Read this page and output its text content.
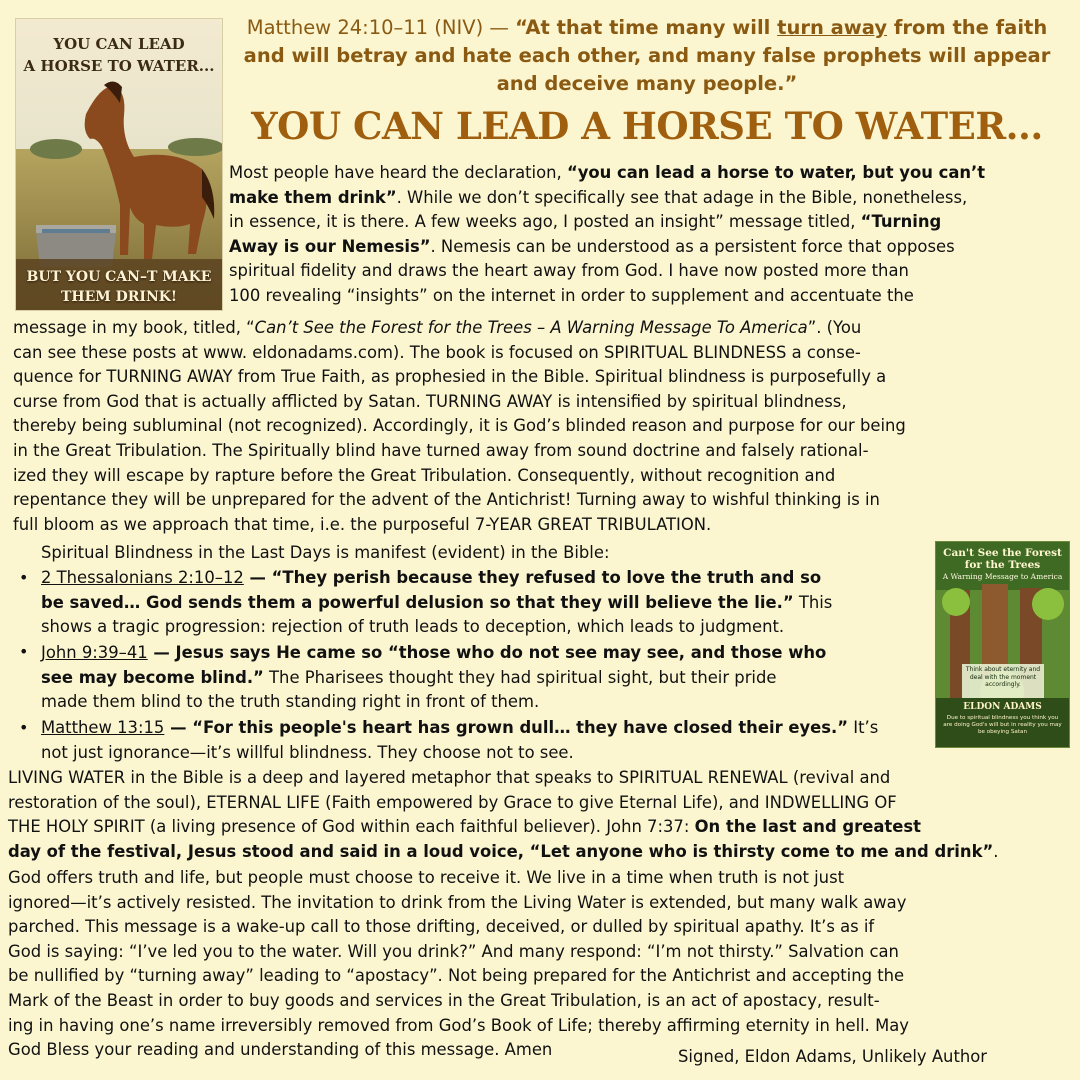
YOU CAN LEAD
A HORSE TO WATER...
BUT YOU CAN–T MAKE
THEM DRINK!
Matthew 24:10–11 (NIV) — “At that time many will turn away from the faith and will betray and hate each other, and many false prophets will appear and deceive many people.”
YOU CAN LEAD A HORSE TO WATER...
Most people have heard the declaration, “you can lead a horse to water, but you can’t
make them drink”. While we don’t specifically see that adage in the Bible, nonetheless,
in essence, it is there. A few weeks ago, I posted an insight” message titled, “Turning
Away is our Nemesis”. Nemesis can be understood as a persistent force that opposes
spiritual fidelity and draws the heart away from God. I have now posted more than
100 revealing “insights” on the internet in order to supplement and accentuate the
message in my book, titled, “Can’t See the Forest for the Trees – A Warning Message To America”. (You
can see these posts at www. eldonadams.com). The book is focused on SPIRITUAL BLINDNESS a conse-
quence for TURNING AWAY from True Faith, as prophesied in the Bible. Spiritual blindness is purposefully a
curse from God that is actually afflicted by Satan. TURNING AWAY is intensified by spiritual blindness,
thereby being subluminal (not recognized). Accordingly, it is God’s blinded reason and purpose for our being
in the Great Tribulation. The Spiritually blind have turned away from sound doctrine and falsely rational-
ized they will escape by rapture before the Great Tribulation. Consequently, without recognition and
repentance they will be unprepared for the advent of the Antichrist! Turning away to wishful thinking is in
full bloom as we approach that time, i.e. the purposeful 7-YEAR GREAT TRIBULATION.
Spiritual Blindness in the Last Days is manifest (evident) in the Bible:
• 2 Thessalonians 2:10–12 — “They perish because they refused to love the truth and so
be saved… God sends them a powerful delusion so that they will believe the lie.” This
shows a tragic progression: rejection of truth leads to deception, which leads to judgment.
• John 9:39–41 — Jesus says He came so “those who do not see may see, and those who
see may become blind.” The Pharisees thought they had spiritual sight, but their pride
made them blind to the truth standing right in front of them.
• Matthew 13:15 — “For this people's heart has grown dull… they have closed their eyes.” It’s
not just ignorance—it’s willful blindness. They choose not to see.
Can't See the Forest for the Trees
A Warning Message to America
Think about eternity and deal with the moment accordingly.
ELDON ADAMS
Due to spiritual blindness you think you are doing God's will but in reality you may be obeying Satan
LIVING WATER in the Bible is a deep and layered metaphor that speaks to SPIRITUAL RENEWAL (revival and
restoration of the soul), ETERNAL LIFE (Faith empowered by Grace to give Eternal Life), and INDWELLING OF
THE HOLY SPIRIT (a living presence of God within each faithful believer). John 7:37: On the last and greatest
day of the festival, Jesus stood and said in a loud voice, “Let anyone who is thirsty come to me and drink”.
God offers truth and life, but people must choose to receive it. We live in a time when truth is not just
ignored—it’s actively resisted. The invitation to drink from the Living Water is extended, but many walk away
parched. This message is a wake-up call to those drifting, deceived, or dulled by spiritual apathy. It’s as if
God is saying: “I’ve led you to the water. Will you drink?” And many respond: “I’m not thirsty.” Salvation can
be nullified by “turning away” leading to “apostacy”. Not being prepared for the Antichrist and accepting the
Mark of the Beast in order to buy goods and services in the Great Tribulation, is an act of apostacy, result-
ing in having one’s name irreversibly removed from God’s Book of Life; thereby affirming eternity in hell. May
God Bless your reading and understanding of this message. Amen	Signed, Eldon Adams, Unlikely Author
